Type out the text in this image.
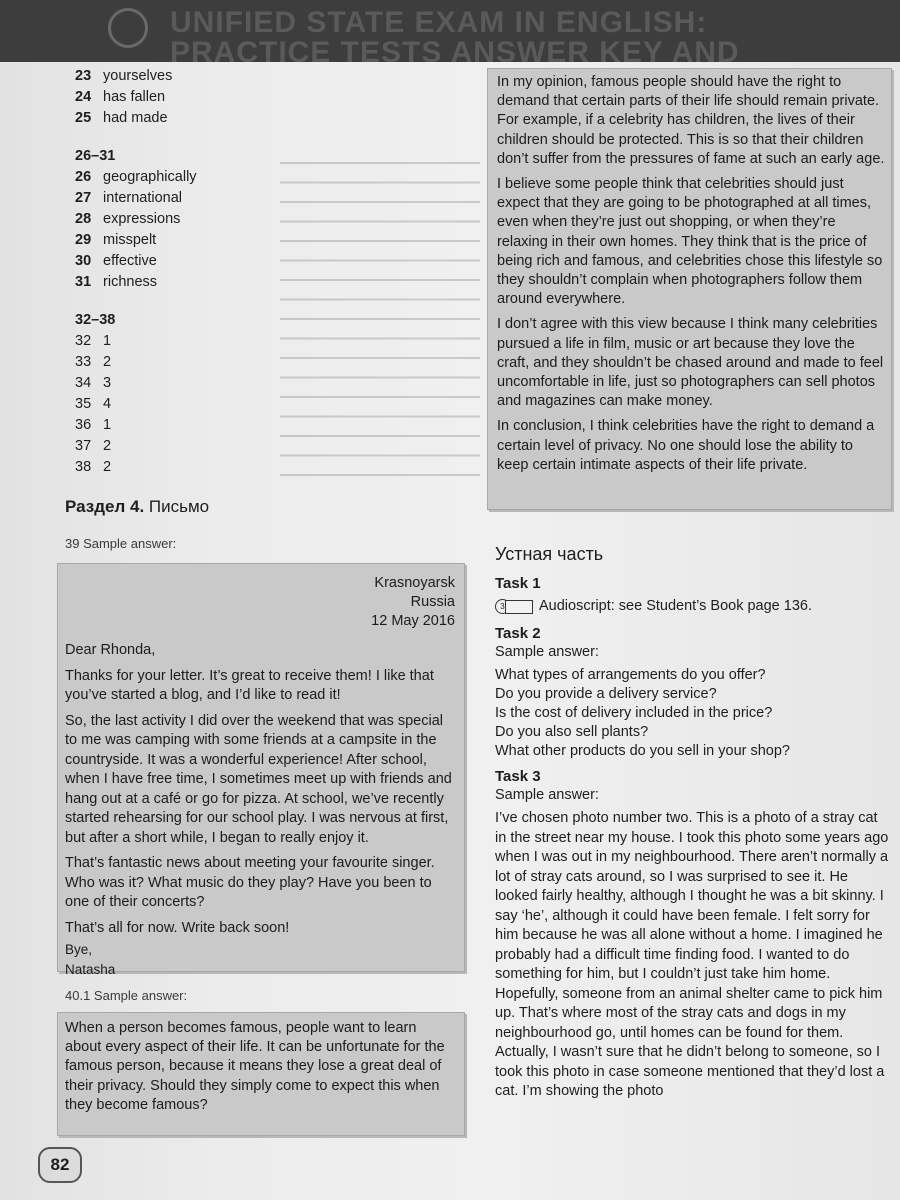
UNIFIED STATE EXAM IN ENGLISH:
PRACTICE TESTS ANSWER KEY AND
23 yourselves
24 has fallen
25 had made
26–31
26 geographically
27 international
28 expressions
29 misspelt
30 effective
31 richness
32–38
32 1
33 2
34 3
35 4
36 1
37 2
38 2
Раздел 4. Письмо
39 Sample answer:
Krasnoyarsk
Russia
12 May 2016

Dear Rhonda,

Thanks for your letter. It’s great to receive them! I like that you’ve started a blog, and I’d like to read it!

So, the last activity I did over the weekend that was special to me was camping with some friends at a campsite in the countryside. It was a wonderful experience! After school, when I have free time, I sometimes meet up with friends and hang out at a café or go for pizza. At school, we’ve recently started rehearsing for our school play. I was nervous at first, but after a short while, I began to really enjoy it.

That’s fantastic news about meeting your favourite singer. Who was it? What music do they play? Have you been to one of their concerts?

That’s all for now. Write back soon!

Bye,
Natasha
40.1 Sample answer:
When a person becomes famous, people want to learn about every aspect of their life. It can be unfortunate for the famous person, because it means they lose a great deal of their privacy. Should they simply come to expect this when they become famous?

In my opinion, famous people should have the right to demand that certain parts of their life should remain private. For example, if a celebrity has children, the lives of their children should be protected. This is so that their children don’t suffer from the pressures of fame at such an early age.

I believe some people think that celebrities should just expect that they are going to be photographed at all times, even when they’re just out shopping, or when they’re relaxing in their own homes. They think that is the price of being rich and famous, and celebrities chose this lifestyle so they shouldn’t complain when photographers follow them around everywhere.

I don’t agree with this view because I think many celebrities pursued a life in film, music or art because they love the craft, and they shouldn’t be chased around and made to feel uncomfortable in life, just so photographers can sell photos and magazines can make money.

In conclusion, I think celebrities have the right to demand a certain level of privacy. No one should lose the ability to keep certain intimate aspects of their life private.

Устная часть
Task 1
3	Audioscript: see Student’s Book page 136.
Task 2
Sample answer:
What types of arrangements do you offer?
Do you provide a delivery service?
Is the cost of delivery included in the price?
Do you also sell plants?
What other products do you sell in your shop?
Task 3
Sample answer:
I’ve chosen photo number two. This is a photo of a stray cat in the street near my house. I took this photo some years ago when I was out in my neighbourhood. There aren’t normally a lot of stray cats around, so I was surprised to see it. He looked fairly healthy, although I thought he was a bit skinny. I say ‘he’, although it could have been female. I felt sorry for him because he was all alone without a home. I imagined he probably had a difficult time finding food. I wanted to do something for him, but I couldn’t just take him home. Hopefully, someone from an animal shelter came to pick him up. That’s where most of the stray cats and dogs in my neighbourhood go, until homes can be found for them. Actually, I wasn’t sure that he didn’t belong to someone, so I took this photo in case someone mentioned that they’d lost a cat. I’m showing the photo
82
